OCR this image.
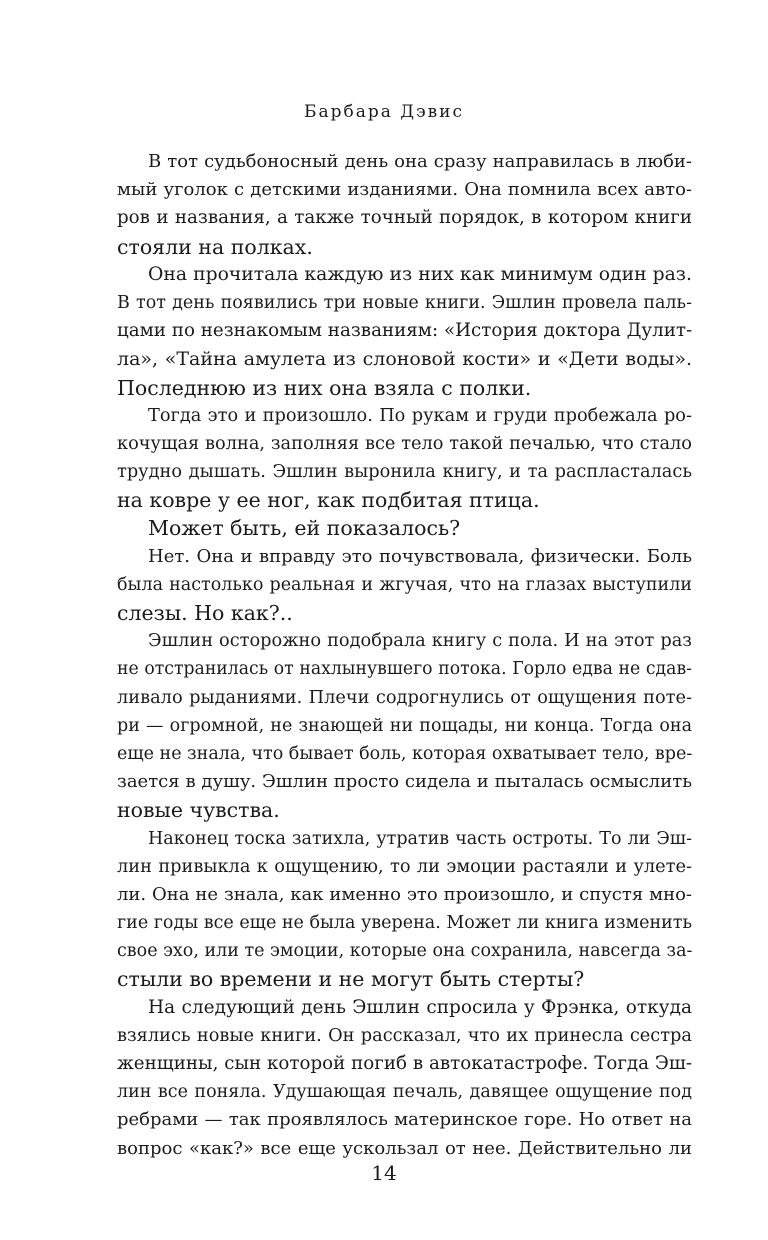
Барбара Дэвис
В тот судьбоносный день она сразу направилась в люби-
мый уголок с детскими изданиями. Она помнила всех авто-
ров и названия, а также точный порядок, в котором книги
стояли на полках.
Она прочитала каждую из них как минимум один раз.
В тот день появились три новые книги. Эшлин провела паль-
цами по незнакомым названиям: «История доктора Дулит-
ла», «Тайна амулета из слоновой кости» и «Дети воды».
Последнюю из них она взяла с полки.
Тогда это и произошло. По рукам и груди пробежала ро-
кочущая волна, заполняя все тело такой печалью, что стало
трудно дышать. Эшлин выронила книгу, и та распласталась
на ковре у ее ног, как подбитая птица.
Может быть, ей показалось?
Нет. Она и вправду это почувствовала, физически. Боль
была настолько реальная и жгучая, что на глазах выступили
слезы. Но как?..
Эшлин осторожно подобрала книгу с пола. И на этот раз
не отстранилась от нахлынувшего потока. Горло едва не сдав-
ливало рыданиями. Плечи содрогнулись от ощущения поте-
ри — огромной, не знающей ни пощады, ни конца. Тогда она
еще не знала, что бывает боль, которая охватывает тело, вре-
зается в душу. Эшлин просто сидела и пыталась осмыслить
новые чувства.
Наконец тоска затихла, утратив часть остроты. То ли Эш-
лин привыкла к ощущению, то ли эмоции растаяли и улете-
ли. Она не знала, как именно это произошло, и спустя мно-
гие годы все еще не была уверена. Может ли книга изменить
свое эхо, или те эмоции, которые она сохранила, навсегда за-
стыли во времени и не могут быть стерты?
На следующий день Эшлин спросила у Фрэнка, откуда
взялись новые книги. Он рассказал, что их принесла сестра
женщины, сын которой погиб в автокатастрофе. Тогда Эш-
лин все поняла. Удушающая печаль, давящее ощущение под
ребрами — так проявлялось материнское горе. Но ответ на
вопрос «как?» все еще ускользал от нее. Действительно ли
14
